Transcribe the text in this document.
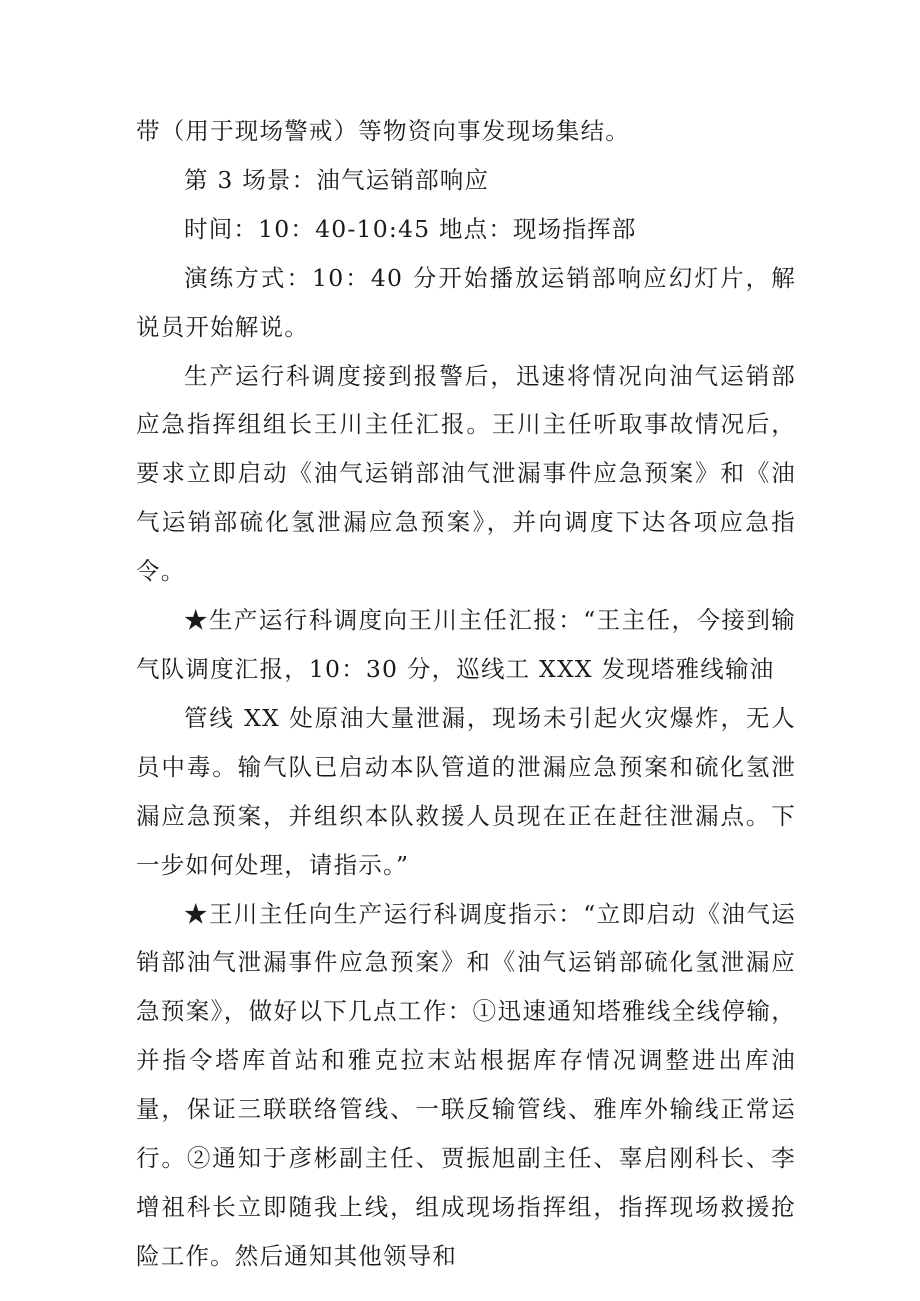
带（用于现场警戒）等物资向事发现场集结。

第 3 场景：油气运销部响应

时间：10：40-10:45 地点：现场指挥部

演练方式：10：40 分开始播放运销部响应幻灯片，解说员开始解说。

生产运行科调度接到报警后，迅速将情况向油气运销部应急指挥组组长王川主任汇报。王川主任听取事故情况后，要求立即启动《油气运销部油气泄漏事件应急预案》和《油气运销部硫化氢泄漏应急预案》，并向调度下达各项应急指令。

★生产运行科调度向王川主任汇报：“王主任，今接到输气队调度汇报，10：30 分，巡线工 XXX 发现塔雅线输油

管线 XX 处原油大量泄漏，现场未引起火灾爆炸，无人员中毒。输气队已启动本队管道的泄漏应急预案和硫化氢泄漏应急预案，并组织本队救援人员现在正在赶往泄漏点。下一步如何处理，请指示。”

★王川主任向生产运行科调度指示：“立即启动《油气运销部油气泄漏事件应急预案》和《油气运销部硫化氢泄漏应急预案》，做好以下几点工作：①迅速通知塔雅线全线停输，并指令塔库首站和雅克拉末站根据库存情况调整进出库油量，保证三联联络管线、一联反输管线、雅库外输线正常运行。②通知于彦彬副主任、贾振旭副主任、辜启刚科长、李增祖科长立即随我上线，组成现场指挥组，指挥现场救援抢险工作。然后通知其他领导和
